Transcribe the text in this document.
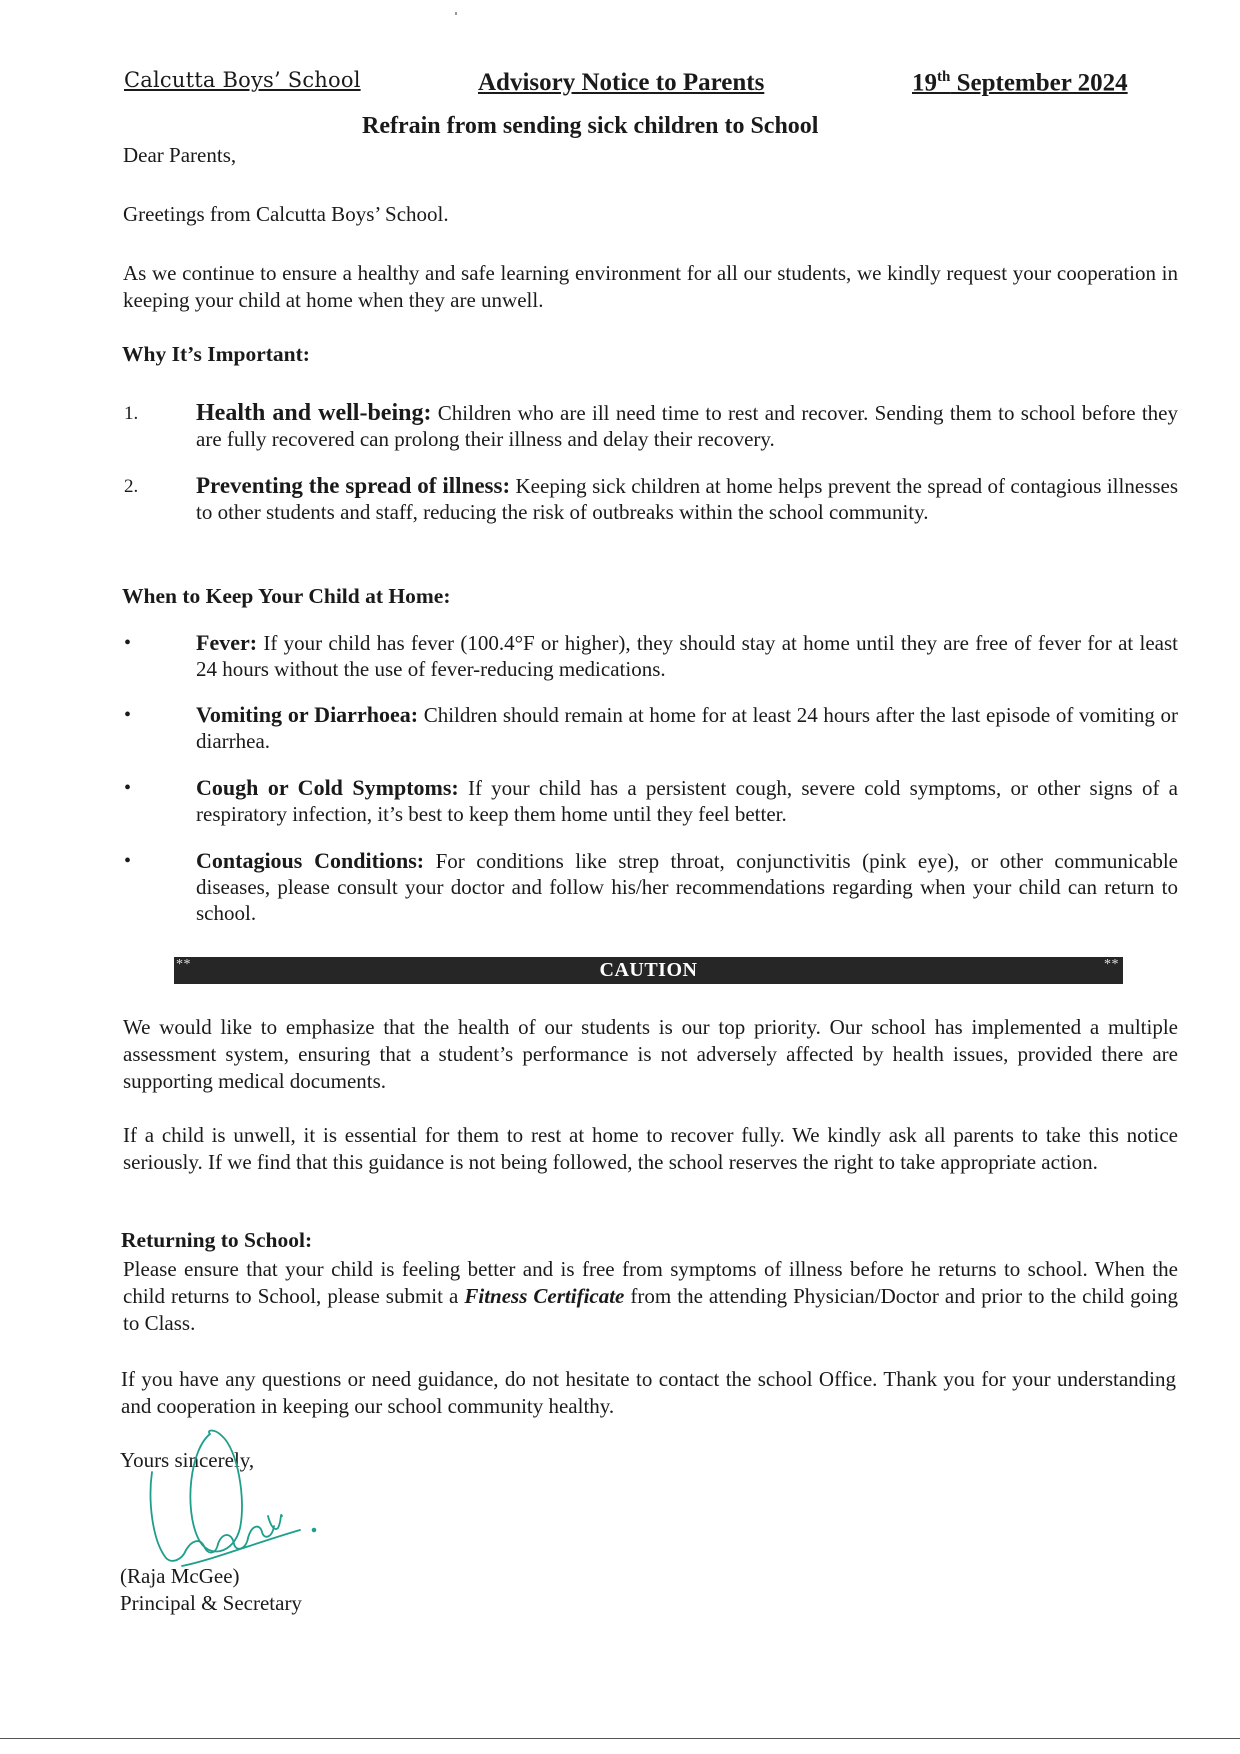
Calcutta Boys’ School	Advisory Notice to Parents	19th September 2024
Refrain from sending sick children to School
Dear Parents,
Greetings from Calcutta Boys’ School.
As we continue to ensure a healthy and safe learning environment for all our students, we kindly request your cooperation in keeping your child at home when they are unwell.
Why It’s Important:
1. Health and well-being: Children who are ill need time to rest and recover. Sending them to school before they are fully recovered can prolong their illness and delay their recovery.
2.	Preventing the spread of illness: Keeping sick children at home helps prevent the spread of contagious illnesses to other students and staff, reducing the risk of outbreaks within the school community.
When to Keep Your Child at Home:
•	Fever: If your child has fever (100.4°F or higher), they should stay at home until they are free of fever for at least 24 hours without the use of fever-reducing medications.
•	Vomiting or Diarrhoea: Children should remain at home for at least 24 hours after the last episode of vomiting or diarrhea.
•	Cough or Cold Symptoms: If your child has a persistent cough, severe cold symptoms, or other signs of a respiratory infection, it’s best to keep them home until they feel better.
•	Contagious Conditions: For conditions like strep throat, conjunctivitis (pink eye), or other communicable diseases, please consult your doctor and follow his/her recommendations regarding when your child can return to school.
**	CAUTION	**
We would like to emphasize that the health of our students is our top priority. Our school has implemented a multiple assessment system, ensuring that a student’s performance is not adversely affected by health issues, provided there are supporting medical documents.
If a child is unwell, it is essential for them to rest at home to recover fully. We kindly ask all parents to take this notice seriously. If we find that this guidance is not being followed, the school reserves the right to take appropriate action.
Returning to School:
Please ensure that your child is feeling better and is free from symptoms of illness before he returns to school. When the child returns to School, please submit a Fitness Certificate from the attending Physician/Doctor and prior to the child going to Class.
If you have any questions or need guidance, do not hesitate to contact the school Office. Thank you for your understanding and cooperation in keeping our school community healthy.
Yours sincerely,
(Raja McGee)
Principal & Secretary
